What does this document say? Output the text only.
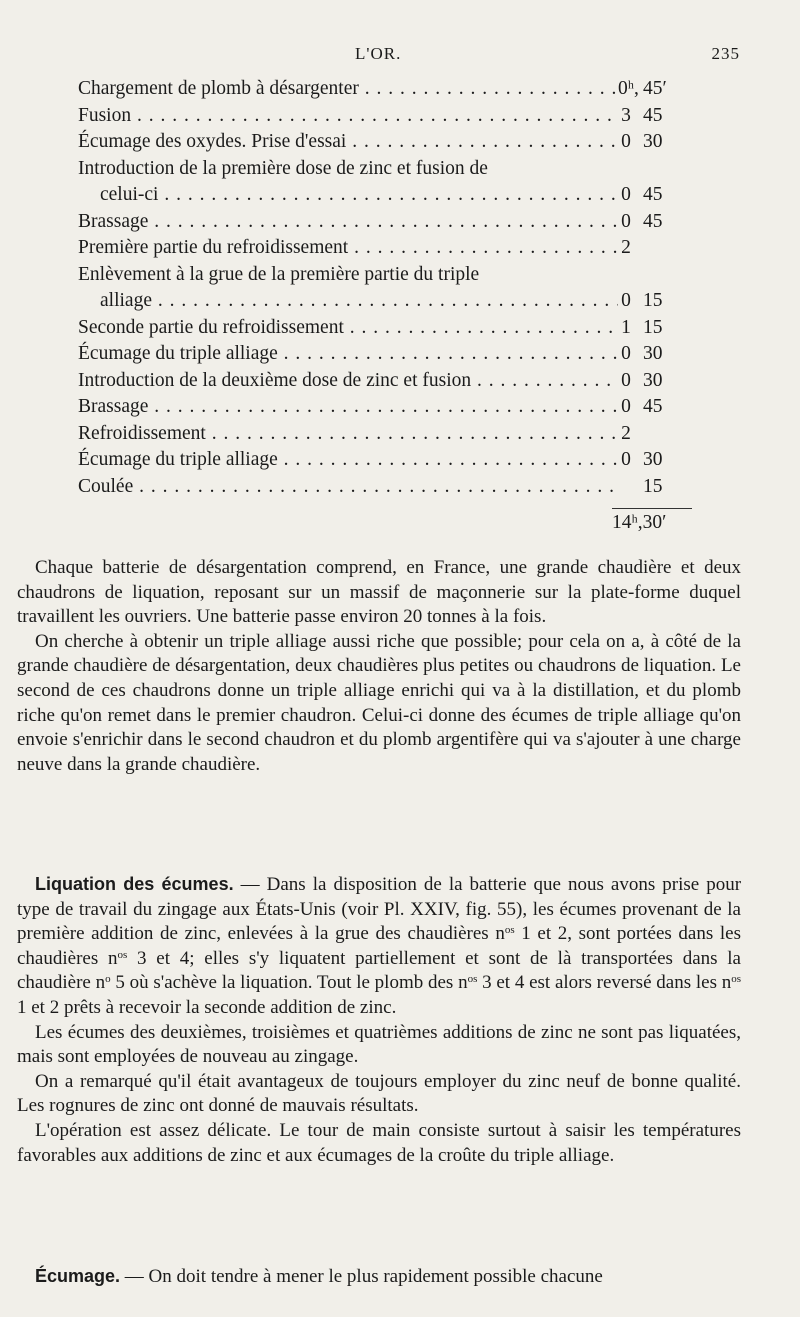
L'OR.	235
Chargement de plomb à désargenter . . .	0ʰ, 45′
Fusion . . .	3 45
Écumage des oxydes. Prise d'essai . . .	0 30
Introduction de la première dose de zinc et fusion de
celui-ci . . .	0 45
Brassage . . .	0 45
Première partie du refroidissement . . .	2
Enlèvement à la grue de la première partie du triple
alliage . . .	0 15
Seconde partie du refroidissement . . .	1 15
Écumage du triple alliage . . .	0 30
Introduction de la deuxième dose de zinc et fusion . . .	0 30
Brassage . . .	0 45
Refroidissement . . .	2
Écumage du triple alliage . . .	0 30
Coulée . . .	15
14ʰ,30′

Chaque batterie de désargentation comprend, en France, une grande chaudière et deux chaudrons de liquation, reposant sur un massif de maçonnerie sur la plate-forme duquel travaillent les ouvriers. Une batterie passe environ 20 tonnes à la fois.

On cherche à obtenir un triple alliage aussi riche que possible; pour cela on a, à côté de la grande chaudière de désargentation, deux chaudières plus petites ou chaudrons de liquation. Le second de ces chaudrons donne un triple alliage enrichi qui va à la distillation, et du plomb riche qu'on remet dans le premier chaudron. Celui-ci donne des écumes de triple alliage qu'on envoie s'enrichir dans le second chaudron et du plomb argentifère qui va s'ajouter à une charge neuve dans la grande chaudière.

Liquation des écumes. — Dans la disposition de la batterie que nous avons prise pour type de travail du zingage aux États-Unis (voir Pl. XXIV, fig. 55), les écumes provenant de la première addition de zinc, enlevées à la grue des chaudières $n^{os}$ 1 et 2, sont portées dans les chaudières $n^{os}$ 3 et 4; elles s'y liquatent partiellement et sont de là transportées dans la chaudière $n^o$ 5 où s'achève la liquation. Tout le plomb des $n^{os}$ 3 et 4 est alors reversé dans les $n^{os}$ 1 et 2 prêts à recevoir la seconde addition de zinc.

Les écumes des deuxièmes, troisièmes et quatrièmes additions de zinc ne sont pas liquatées, mais sont employées de nouveau au zingage.

On a remarqué qu'il était avantageux de toujours employer du zinc neuf de bonne qualité. Les rognures de zinc ont donné de mauvais résultats.

L'opération est assez délicate. Le tour de main consiste surtout à saisir les températures favorables aux additions de zinc et aux écumages de la croûte du triple alliage.

Écumage. — On doit tendre à mener le plus rapidement possible chacune
